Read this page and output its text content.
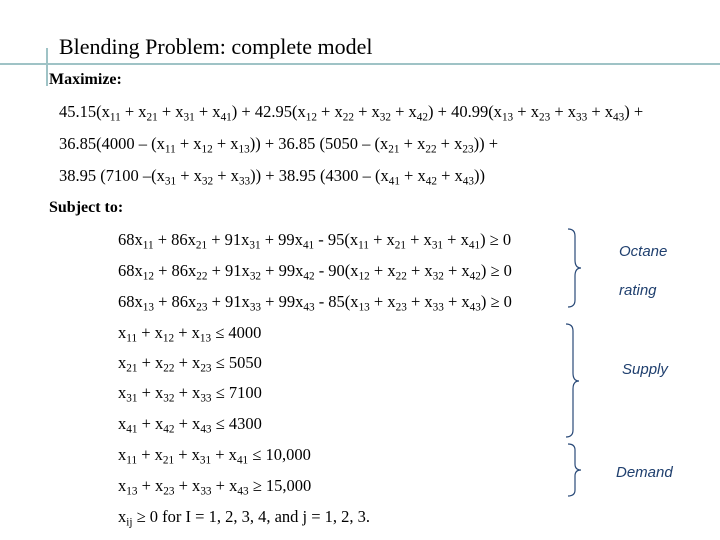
Blending Problem: complete model
Maximize:
$45.15(x_{11} + x_{21} + x_{31} + x_{41}) + 42.95(x_{12} + x_{22} + x_{32} + x_{42}) + 40.99(x_{13} + x_{23} + x_{33} + x_{43})$ +
$36.85(4000 - (x_{11} + x_{12} + x_{13})) + 36.85$ $(5050 - (x_{21} + x_{22} + x_{23}))$ +
38.95 (7100 $-(x_{31} + x_{32} + x_{33})) + 38.95$ $(4300 - (x_{41} + x_{42} + x_{43}))$
Subject to:
$68x_{11} + 86x_{21} + 91x_{31} + 99x_{41} - 95(x_{11} + x_{21} + x_{31} + x_{41}) \ge 0$
$68x_{12} + 86x_{22} + 91x_{32} + 99x_{42} - 90(x_{12} + x_{22} + x_{32} + x_{42}) \ge 0$
$68x_{13} + 86x_{23} + 91x_{33} + 99x_{43} - 85(x_{13} + x_{23} + x_{33} + x_{43}) \ge 0$
$x_{11} + x_{12} + x_{13} \le 4000$
$x_{21} + x_{22} + x_{23} \le 5050$
$x_{31} + x_{32} + x_{33} \le 7100$
$x_{41} + x_{42} + x_{43} \le 4300$
$x_{11} + x_{21} + x_{31} + x_{41} \le 10,000$
$x_{13} + x_{23} + x_{33} + x_{43} \ge 15,000$
$x_{ij} \ge 0$ for I = 1, 2, 3, 4, and j = 1, 2, 3.
Octane
rating
Supply
Demand
